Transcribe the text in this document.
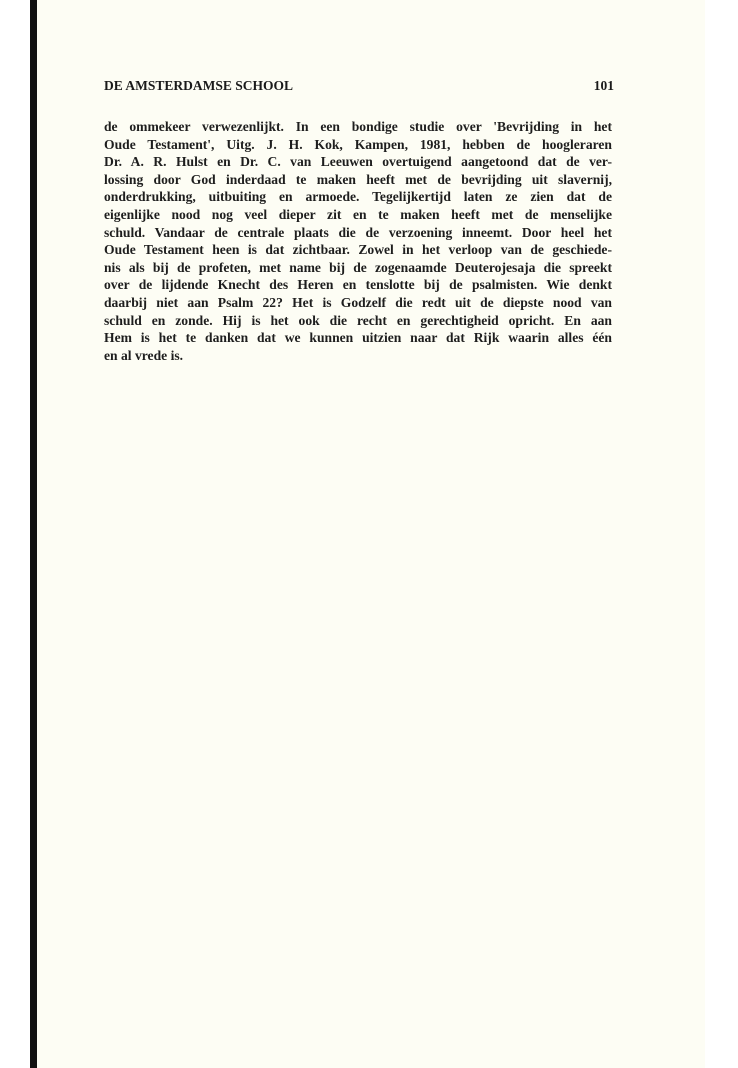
DE AMSTERDAMSE SCHOOL	101
de ommekeer verwezenlijkt. In een bondige studie over 'Bevrijding in het
Oude Testament', Uitg. J. H. Kok, Kampen, 1981, hebben de hoogleraren
Dr. A. R. Hulst en Dr. C. van Leeuwen overtuigend aangetoond dat de ver-
lossing door God inderdaad te maken heeft met de bevrijding uit slavernij,
onderdrukking, uitbuiting en armoede. Tegelijkertijd laten ze zien dat de
eigenlijke nood nog veel dieper zit en te maken heeft met de menselijke
schuld. Vandaar de centrale plaats die de verzoening inneemt. Door heel het
Oude Testament heen is dat zichtbaar. Zowel in het verloop van de geschiede-
nis als bij de profeten, met name bij de zogenaamde Deuterojesaja die spreekt
over de lijdende Knecht des Heren en tenslotte bij de psalmisten. Wie denkt
daarbij niet aan Psalm 22? Het is Godzelf die redt uit de diepste nood van
schuld en zonde. Hij is het ook die recht en gerechtigheid opricht. En aan
Hem is het te danken dat we kunnen uitzien naar dat Rijk waarin alles één
en al vrede is.
